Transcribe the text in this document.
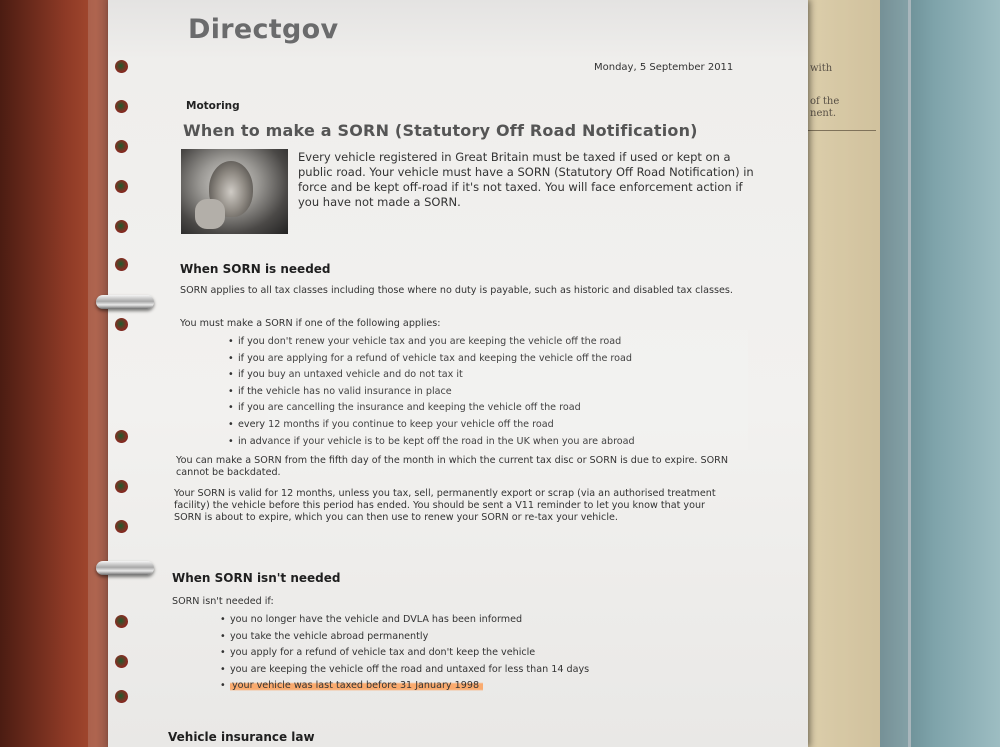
with
of the
nent.
Directgov
Monday, 5 September 2011
Motoring
When to make a SORN (Statutory Off Road Notification)
Every vehicle registered in Great Britain must be taxed if used or kept on a public road. Your vehicle must have a SORN (Statutory Off Road Notification) in force and be kept off-road if it's not taxed. You will face enforcement action if you have not made a SORN.
When SORN is needed
SORN applies to all tax classes including those where no duty is payable, such as historic and disabled tax classes.
You must make a SORN if one of the following applies:
• if you don't renew your vehicle tax and you are keeping the vehicle off the road
• if you are applying for a refund of vehicle tax and keeping the vehicle off the road
• if you buy an untaxed vehicle and do not tax it
• if the vehicle has no valid insurance in place
• if you are cancelling the insurance and keeping the vehicle off the road
• every 12 months if you continue to keep your vehicle off the road
• in advance if your vehicle is to be kept off the road in the UK when you are abroad
You can make a SORN from the fifth day of the month in which the current tax disc or SORN is due to expire. SORN cannot be backdated.
Your SORN is valid for 12 months, unless you tax, sell, permanently export or scrap (via an authorised treatment facility) the vehicle before this period has ended. You should be sent a V11 reminder to let you know that your SORN is about to expire, which you can then use to renew your SORN or re-tax your vehicle.
When SORN isn't needed
SORN isn't needed if:
• you no longer have the vehicle and DVLA has been informed
• you take the vehicle abroad permanently
• you apply for a refund of vehicle tax and don't keep the vehicle
• you are keeping the vehicle off the road and untaxed for less than 14 days
• your vehicle was last taxed before 31 January 1998
Vehicle insurance law
